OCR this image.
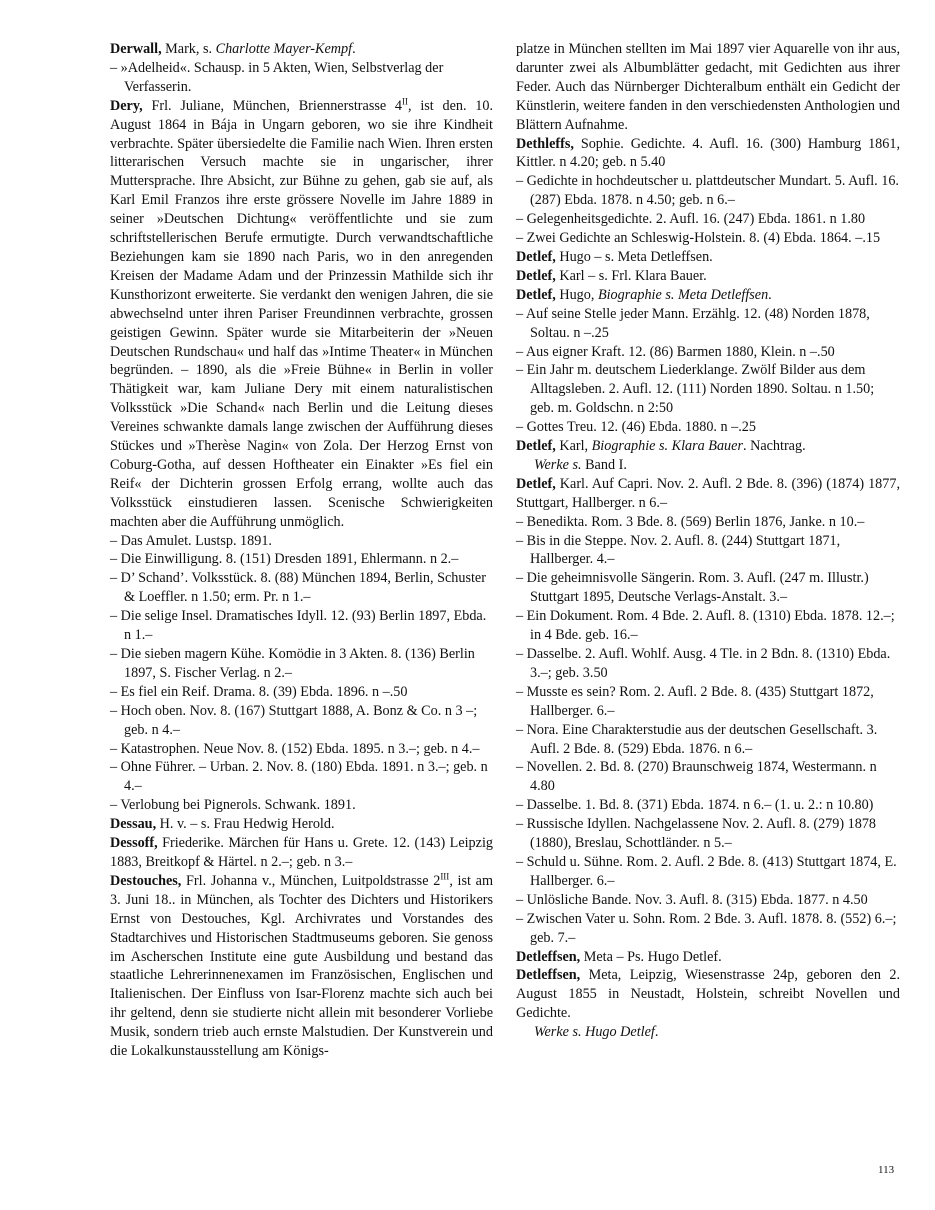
Derwall, Mark, s. Charlotte Mayer-Kempf.

– »Adelheid«. Schausp. in 5 Akten, Wien, Selbstverlag der Verfasserin.

Dery, Frl. Juliane, München, Briennerstrasse $4^{II}$, ist den. 10. August 1864 in Bája in Ungarn geboren, wo sie ihre Kindheit verbrachte. Später übersiedelte die Familie nach Wien. Ihren ersten litterarischen Versuch machte sie in ungarischer, ihrer Muttersprache. Ihre Absicht, zur Bühne zu gehen, gab sie auf, als Karl Emil Franzos ihre erste grössere Novelle im Jahre 1889 in seiner »Deutschen Dichtung« veröffentlichte und sie zum schriftstellerischen Berufe ermutigte. Durch verwandtschaftliche Beziehungen kam sie 1890 nach Paris, wo in den anregenden Kreisen der Madame Adam und der Prinzessin Mathilde sich ihr Kunsthorizont erweiterte. Sie verdankt den wenigen Jahren, die sie abwechselnd unter ihren Pariser Freundinnen verbrachte, grossen geistigen Gewinn. Später wurde sie Mitarbeiterin der »Neuen Deutschen Rundschau« und half das »Intime Theater« in München begründen. – 1890, als die »Freie Bühne« in Berlin in voller Thätigkeit war, kam Juliane Dery mit einem naturalistischen Volksstück »Die Schand« nach Berlin und die Leitung dieses Vereines schwankte damals lange zwischen der Aufführung dieses Stückes und »Therèse Nagin« von Zola. Der Herzog Ernst von Coburg-Gotha, auf dessen Hoftheater ein Einakter »Es fiel ein Reif« der Dichterin grossen Erfolg errang, wollte auch das Volksstück einstudieren lassen. Scenische Schwierigkeiten machten aber die Aufführung unmöglich.

– Das Amulet. Lustsp. 1891.

– Die Einwilligung. 8. (151) Dresden 1891, Ehlermann. n 2.–

– D’ Schand’. Volksstück. 8. (88) München 1894, Berlin, Schuster & Loeffler. n 1.50; erm. Pr. n 1.–

– Die selige Insel. Dramatisches Idyll. 12. (93) Berlin 1897, Ebda. n 1.–

– Die sieben magern Kühe. Komödie in 3 Akten. 8. (136) Berlin 1897, S. Fischer Verlag. n 2.–

– Es fiel ein Reif. Drama. 8. (39) Ebda. 1896. n –.50

– Hoch oben. Nov. 8. (167) Stuttgart 1888, A. Bonz & Co. n 3 –; geb. n 4.–

– Katastrophen. Neue Nov. 8. (152) Ebda. 1895. n 3.–; geb. n 4.–

– Ohne Führer. – Urban. 2. Nov. 8. (180) Ebda. 1891. n 3.–; geb. n 4.–

– Verlobung bei Pignerols. Schwank. 1891.

Dessau, H. v. – s. Frau Hedwig Herold.

Dessoff, Friederike. Märchen für Hans u. Grete. 12. (143) Leipzig 1883, Breitkopf & Härtel. n 2.–; geb. n 3.–

Destouches, Frl. Johanna v., München, Luitpoldstrasse $2^{III}$, ist am 3. Juni 18.. in München, als Tochter des Dichters und Historikers Ernst von Destouches, Kgl. Archivrates und Vorstandes des Stadtarchives und Historischen Stadtmuseums geboren. Sie genoss im Ascherschen Institute eine gute Ausbildung und bestand das staatliche Lehrerinnenexamen im Französischen, Englischen und Italienischen. Der Einfluss von Isar-Florenz machte sich auch bei ihr geltend, denn sie studierte nicht allein mit besonderer Vorliebe Musik, sondern trieb auch ernste Malstudien. Der Kunstverein und die Lokalkunstausstellung am Königs-

platze in München stellten im Mai 1897 vier Aquarelle von ihr aus, darunter zwei als Albumblätter gedacht, mit Gedichten aus ihrer Feder. Auch das Nürnberger Dichteralbum enthält ein Gedicht der Künstlerin, weitere fanden in den verschiedensten Anthologien und Blättern Aufnahme.

Dethleffs, Sophie. Gedichte. 4. Aufl. 16. (300) Hamburg 1861, Kittler. n 4.20; geb. n 5.40

– Gedichte in hochdeutscher u. plattdeutscher Mundart. 5. Aufl. 16. (287) Ebda. 1878. n 4.50; geb. n 6.–

– Gelegenheitsgedichte. 2. Aufl. 16. (247) Ebda. 1861. n 1.80

– Zwei Gedichte an Schleswig-Holstein. 8. (4) Ebda. 1864. –.15

Detlef, Hugo – s. Meta Detleffsen.

Detlef, Karl – s. Frl. Klara Bauer.

Detlef, Hugo, Biographie s. Meta Detleffsen.

– Auf seine Stelle jeder Mann. Erzählg. 12. (48) Norden 1878, Soltau. n –.25

– Aus eigner Kraft. 12. (86) Barmen 1880, Klein. n –.50

– Ein Jahr m. deutschem Liederklange. Zwölf Bilder aus dem Alltagsleben. 2. Aufl. 12. (111) Norden 1890. Soltau. n 1.50; geb. m. Goldschn. n 2:50

– Gottes Treu. 12. (46) Ebda. 1880. n –.25

Detlef, Karl, Biographie s. Klara Bauer. Nachtrag.

Werke s. Band I.

Detlef, Karl. Auf Capri. Nov. 2. Aufl. 2 Bde. 8. (396) (1874) 1877, Stuttgart, Hallberger. n 6.–

– Benedikta. Rom. 3 Bde. 8. (569) Berlin 1876, Janke. n 10.–

– Bis in die Steppe. Nov. 2. Aufl. 8. (244) Stuttgart 1871, Hallberger. 4.–

– Die geheimnisvolle Sängerin. Rom. 3. Aufl. (247 m. Illustr.) Stuttgart 1895, Deutsche Verlags-Anstalt. 3.–

– Ein Dokument. Rom. 4 Bde. 2. Aufl. 8. (1310) Ebda. 1878. 12.–; in 4 Bde. geb. 16.–

– Dasselbe. 2. Aufl. Wohlf. Ausg. 4 Tle. in 2 Bdn. 8. (1310) Ebda. 3.–; geb. 3.50

– Musste es sein? Rom. 2. Aufl. 2 Bde. 8. (435) Stuttgart 1872, Hallberger. 6.–

– Nora. Eine Charakterstudie aus der deutschen Gesellschaft. 3. Aufl. 2 Bde. 8. (529) Ebda. 1876. n 6.–

– Novellen. 2. Bd. 8. (270) Braunschweig 1874, Westermann. n 4.80

– Dasselbe. 1. Bd. 8. (371) Ebda. 1874. n 6.– (1. u. 2.: n 10.80)

– Russische Idyllen. Nachgelassene Nov. 2. Aufl. 8. (279) 1878 (1880), Breslau, Schottländer. n 5.–

– Schuld u. Sühne. Rom. 2. Aufl. 2 Bde. 8. (413) Stuttgart 1874, E. Hallberger. 6.–

– Unlösliche Bande. Nov. 3. Aufl. 8. (315) Ebda. 1877. n 4.50

– Zwischen Vater u. Sohn. Rom. 2 Bde. 3. Aufl. 1878. 8. (552) 6.–; geb. 7.–

Detleffsen, Meta – Ps. Hugo Detlef.

Detleffsen, Meta, Leipzig, Wiesenstrasse 24p, geboren den 2. August 1855 in Neustadt, Holstein, schreibt Novellen und Gedichte.

Werke s. Hugo Detlef.

113
